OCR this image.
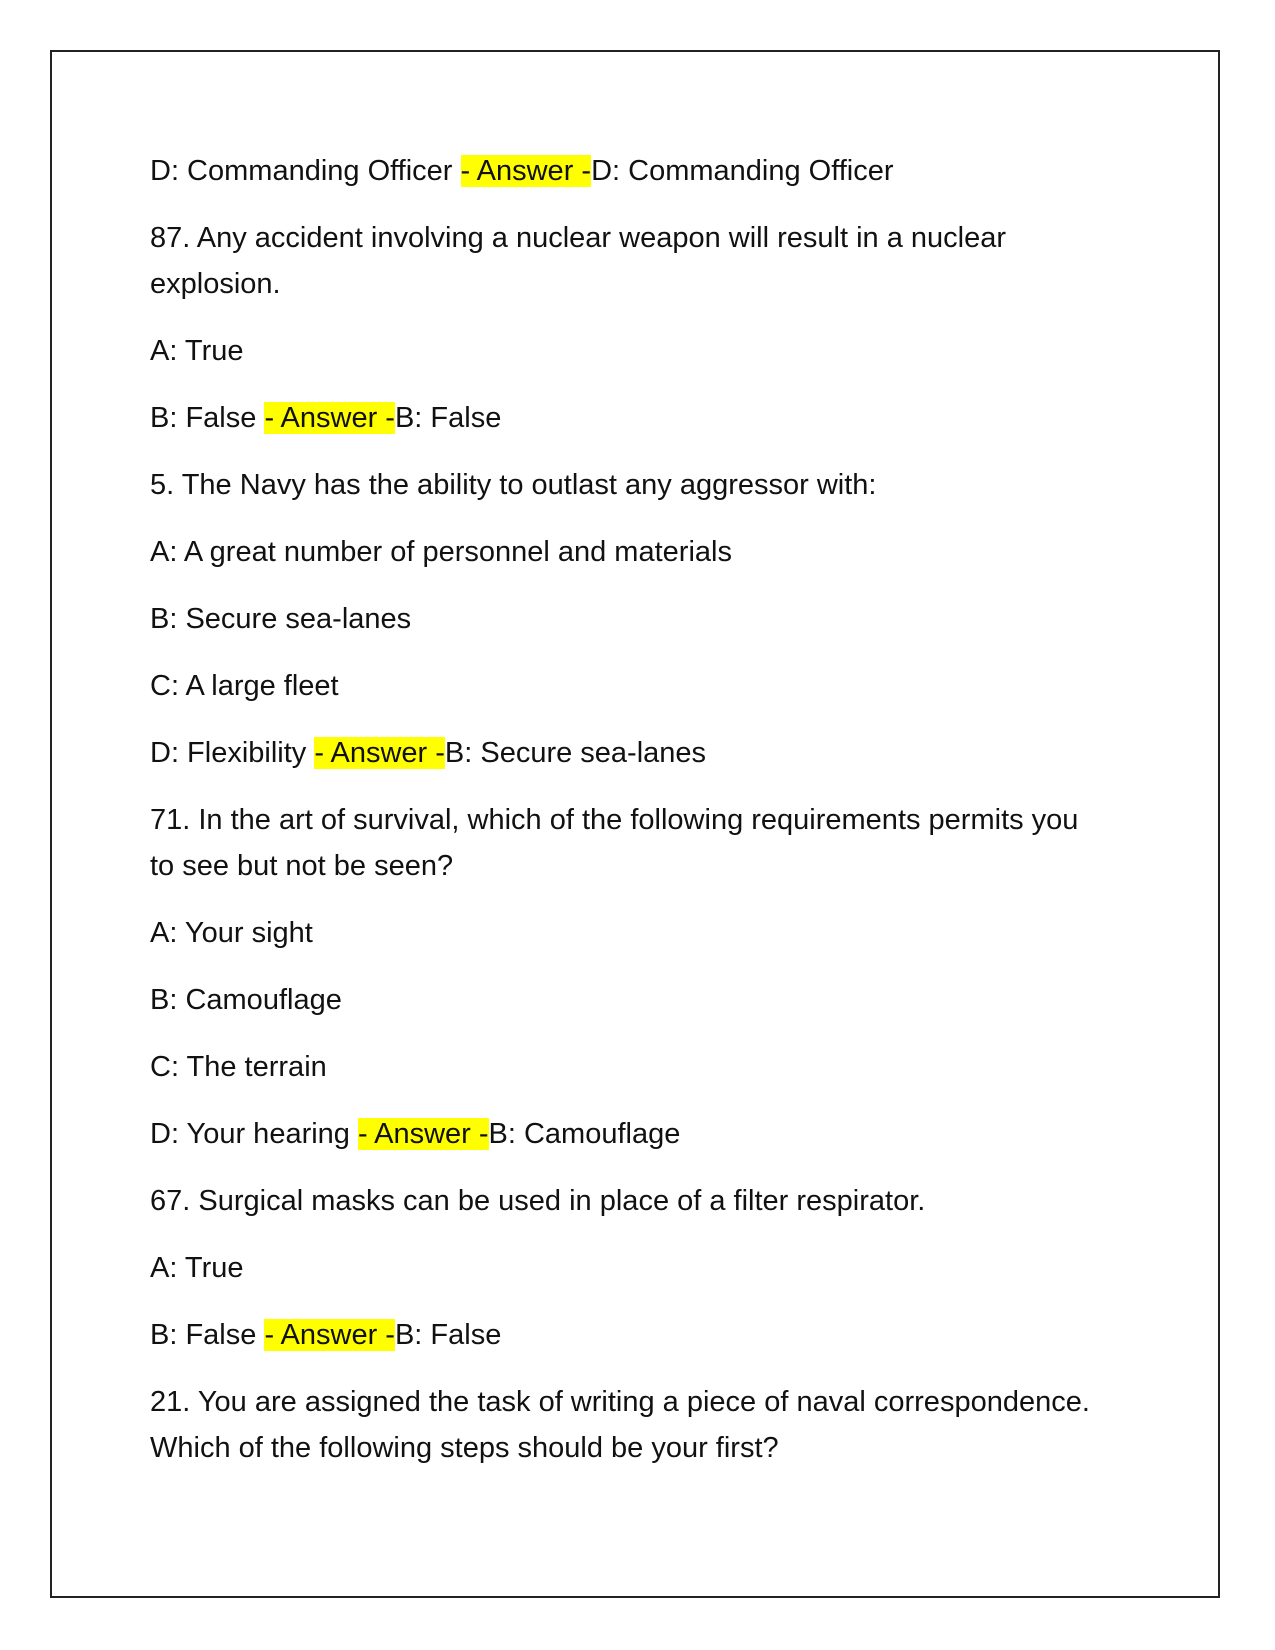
D: Commanding Officer - Answer -D: Commanding Officer

87. Any accident involving a nuclear weapon will result in a nuclear explosion.

A: True

B: False - Answer -B: False

5. The Navy has the ability to outlast any aggressor with:

A: A great number of personnel and materials

B: Secure sea-lanes

C: A large fleet

D: Flexibility - Answer -B: Secure sea-lanes

71. In the art of survival, which of the following requirements permits you to see but not be seen?

A: Your sight

B: Camouflage

C: The terrain

D: Your hearing - Answer -B: Camouflage

67. Surgical masks can be used in place of a filter respirator.

A: True

B: False - Answer -B: False

21. You are assigned the task of writing a piece of naval correspondence. Which of the following steps should be your first?
